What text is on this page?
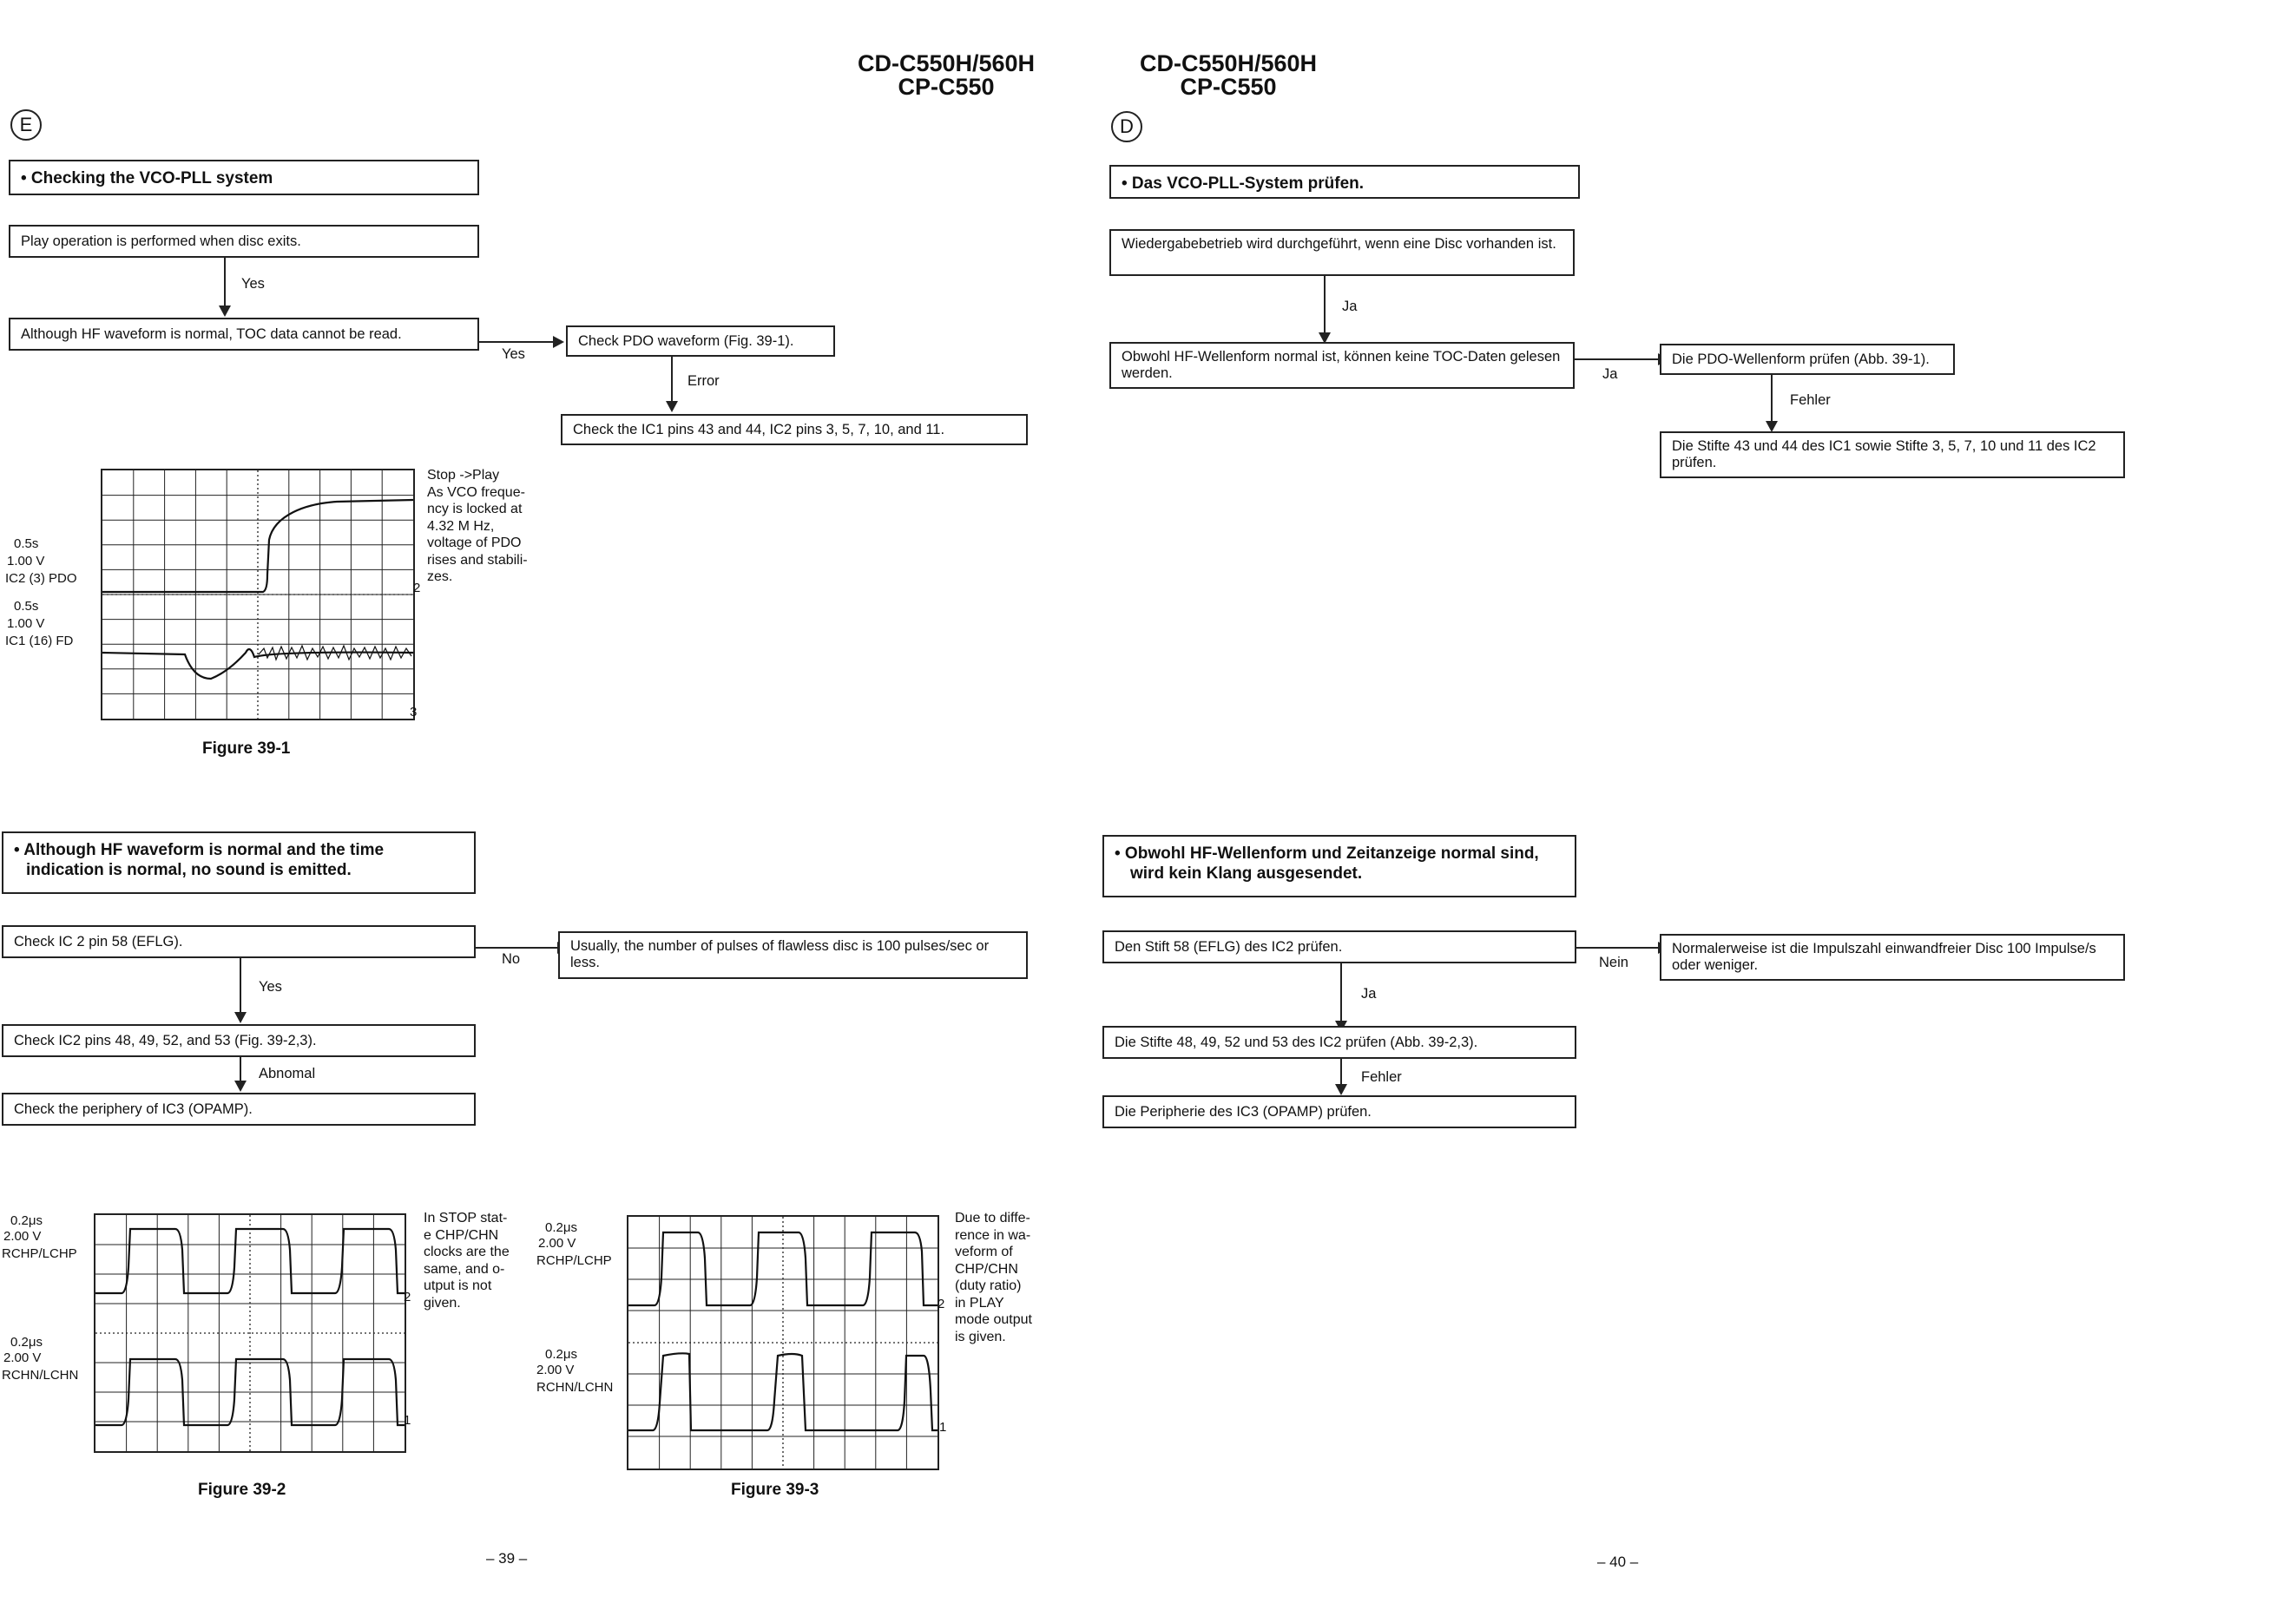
CD-C550H/560H
CP-C550
CD-C550H/560H
CP-C550
E	D
• Checking the VCO-PLL system
Play operation is performed when disc exits.
Yes
Although HF waveform is normal, TOC data cannot be read.
Yes
Check PDO waveform (Fig. 39-1).
Error
Check the IC1 pins 43 and 44, IC2 pins 3, 5, 7, 10, and 11.
2
3
0.5s
1.00 V
IC2 (3) PDO
0.5s
1.00 V
IC1 (16) FD
Stop ->Play
As VCO freque-
ncy is locked at
4.32 M Hz,
voltage of PDO
rises and stabili-
zes.
Figure 39-1
• Although HF waveform is normal and the time
indication is normal, no sound is emitted.
Check IC 2 pin 58 (EFLG).
No
Usually, the number of pulses of flawless disc is 100 pulses/sec or less.
Yes
Check IC2 pins 48, 49, 52, and 53 (Fig. 39-2,3).
Abnomal
Check the periphery of IC3 (OPAMP).
2
1
0.2μs
2.00 V
RCHP/LCHP
0.2μs
2.00 V
RCHN/LCHN
In STOP stat-
e CHP/CHN
clocks are the
same, and o-
utput is not
given.
Figure 39-2
2
1
0.2μs
2.00 V
RCHP/LCHP
0.2μs
2.00 V
RCHN/LCHN
Due to diffe-
rence in wa-
veform of
CHP/CHN
(duty ratio)
in PLAY
mode output
is given.
Figure 39-3
– 39 –
• Das VCO-PLL-System prüfen.
Wiedergabebetrieb wird durchgeführt, wenn eine Disc vorhanden ist.
Ja
Obwohl HF-Wellenform normal ist, können keine TOC-Daten gelesen werden.	Ja
Die PDO-Wellenform prüfen (Abb. 39-1).
Fehler
Die Stifte 43 und 44 des IC1 sowie Stifte 3, 5, 7, 10 und 11 des IC2 prüfen.
• Obwohl HF-Wellenform und Zeitanzeige normal sind,
wird kein Klang ausgesendet.
Den Stift 58 (EFLG) des IC2 prüfen.
Nein
Normalerweise ist die Impulszahl einwandfreier Disc 100 Impulse/s oder weniger.
Ja
Die Stifte 48, 49, 52 und 53 des IC2 prüfen (Abb. 39-2,3).
Fehler
Die Peripherie des IC3 (OPAMP) prüfen.
– 40 –
